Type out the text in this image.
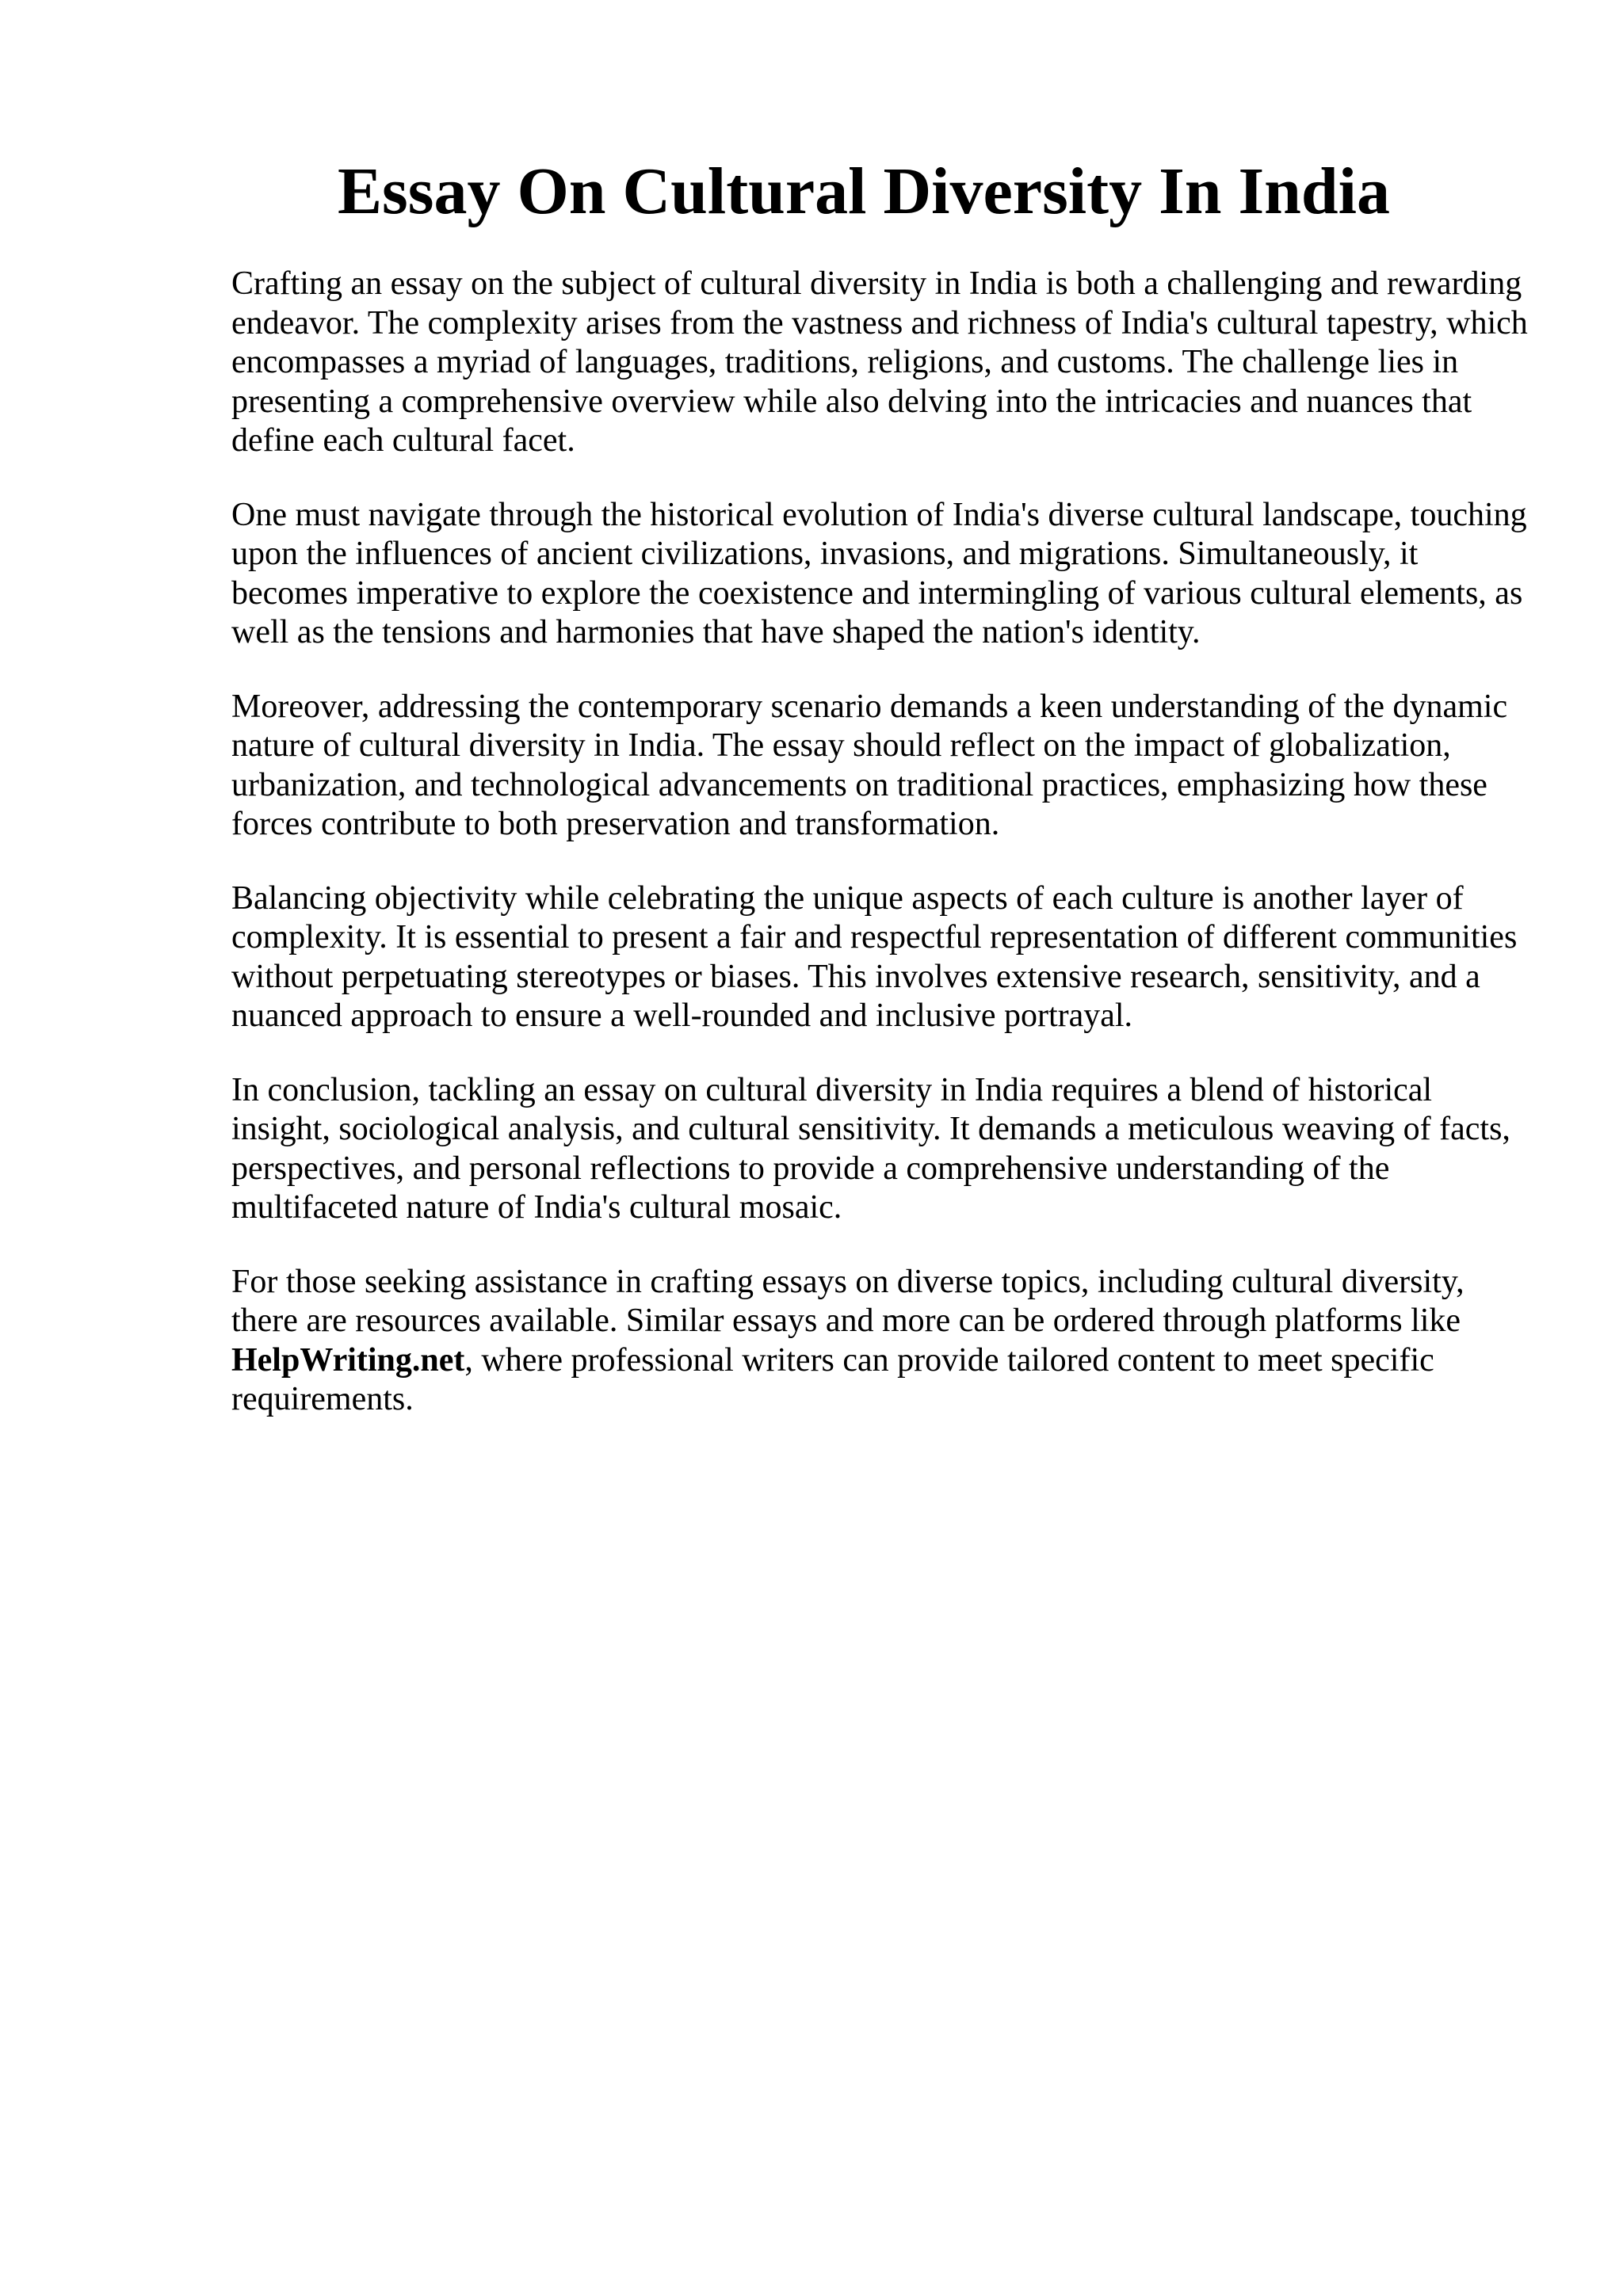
Essay On Cultural Diversity In India

Crafting an essay on the subject of cultural diversity in India is both a challenging and rewarding endeavor. The complexity arises from the vastness and richness of India's cultural tapestry, which encompasses a myriad of languages, traditions, religions, and customs. The challenge lies in presenting a comprehensive overview while also delving into the intricacies and nuances that define each cultural facet.

One must navigate through the historical evolution of India's diverse cultural landscape, touching upon the influences of ancient civilizations, invasions, and migrations. Simultaneously, it becomes imperative to explore the coexistence and intermingling of various cultural elements, as well as the tensions and harmonies that have shaped the nation's identity.

Moreover, addressing the contemporary scenario demands a keen understanding of the dynamic nature of cultural diversity in India. The essay should reflect on the impact of globalization, urbanization, and technological advancements on traditional practices, emphasizing how these forces contribute to both preservation and transformation.

Balancing objectivity while celebrating the unique aspects of each culture is another layer of complexity. It is essential to present a fair and respectful representation of different communities without perpetuating stereotypes or biases. This involves extensive research, sensitivity, and a nuanced approach to ensure a well-rounded and inclusive portrayal.

In conclusion, tackling an essay on cultural diversity in India requires a blend of historical insight, sociological analysis, and cultural sensitivity. It demands a meticulous weaving of facts, perspectives, and personal reflections to provide a comprehensive understanding of the multifaceted nature of India's cultural mosaic.

For those seeking assistance in crafting essays on diverse topics, including cultural diversity, there are resources available. Similar essays and more can be ordered through platforms like HelpWriting.net, where professional writers can provide tailored content to meet specific requirements.
